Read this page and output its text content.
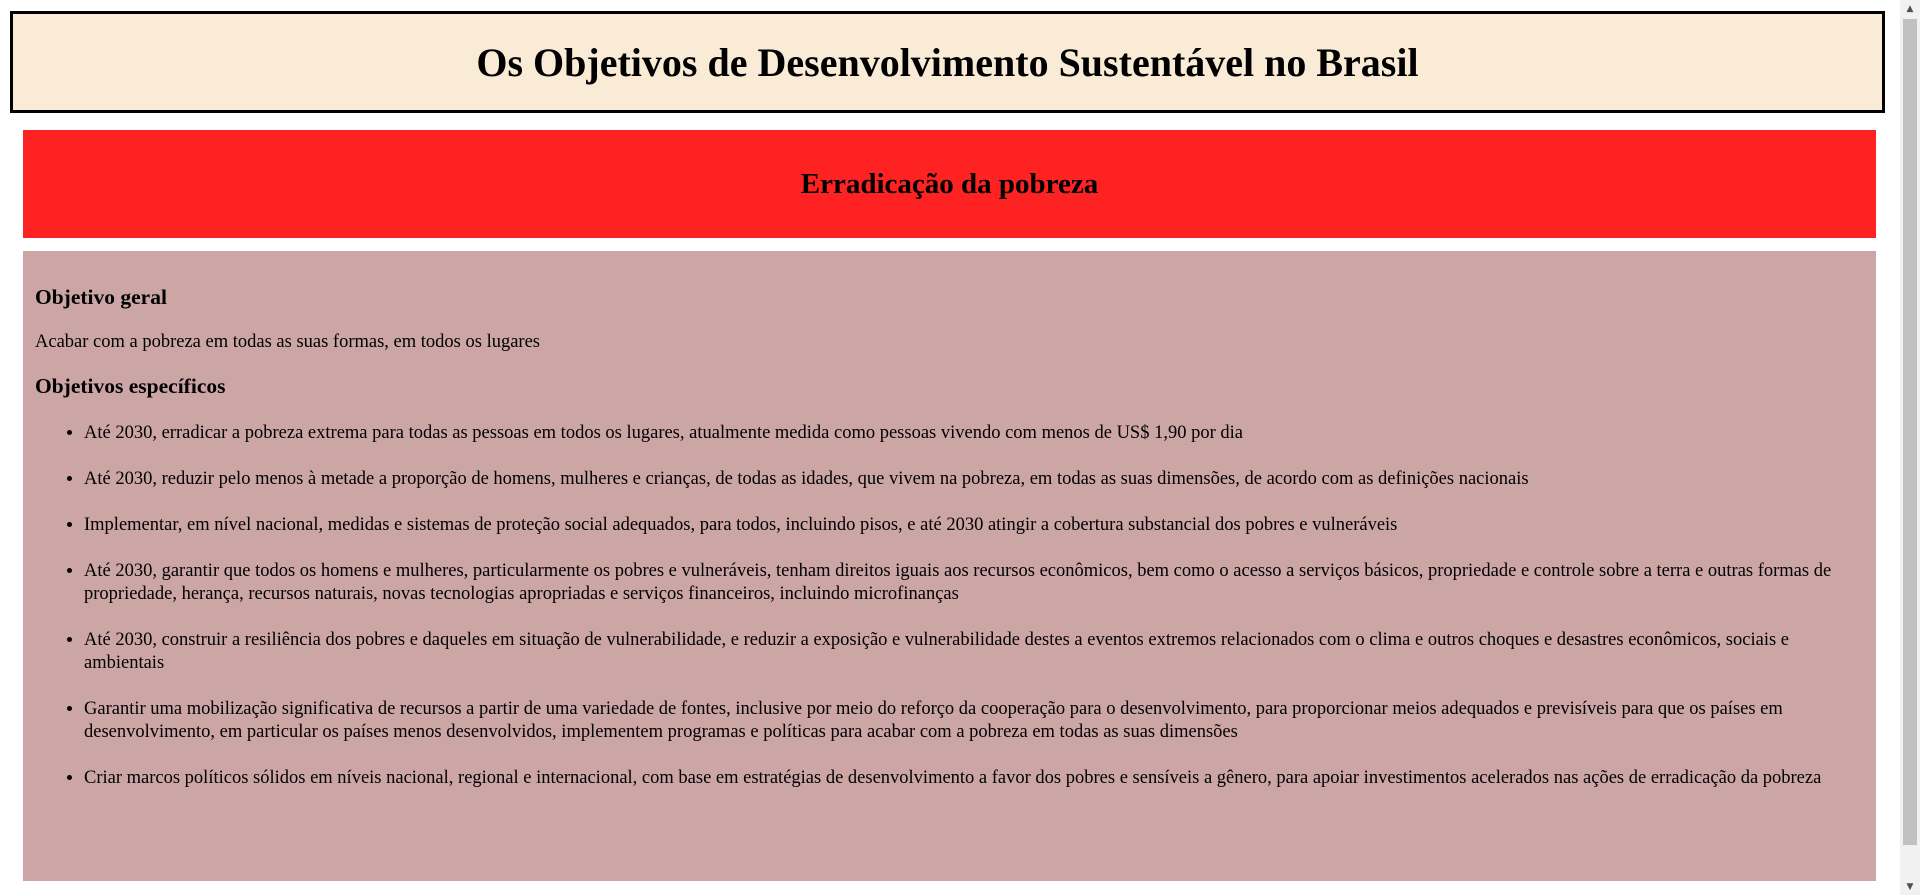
Os Objetivos de Desenvolvimento Sustentável no Brasil
Erradicação da pobreza
Objetivo geral

Acabar com a pobreza em todas as suas formas, em todos os lugares

Objetivos específicos
• Até 2030, erradicar a pobreza extrema para todas as pessoas em todos os lugares, atualmente medida como pessoas vivendo com menos de US$ 1,90 por dia
• Até 2030, reduzir pelo menos à metade a proporção de homens, mulheres e crianças, de todas as idades, que vivem na pobreza, em todas as suas dimensões, de acordo com as definições nacionais
• Implementar, em nível nacional, medidas e sistemas de proteção social adequados, para todos, incluindo pisos, e até 2030 atingir a cobertura substancial dos pobres e vulneráveis
• Até 2030, garantir que todos os homens e mulheres, particularmente os pobres e vulneráveis, tenham direitos iguais aos recursos econômicos, bem como o acesso a serviços básicos, propriedade e controle sobre a terra e outras formas de propriedade, herança, recursos naturais, novas tecnologias apropriadas e serviços financeiros, incluindo microfinanças
• Até 2030, construir a resiliência dos pobres e daqueles em situação de vulnerabilidade, e reduzir a exposição e vulnerabilidade destes a eventos extremos relacionados com o clima e outros choques e desastres econômicos, sociais e ambientais
• Garantir uma mobilização significativa de recursos a partir de uma variedade de fontes, inclusive por meio do reforço da cooperação para o desenvolvimento, para proporcionar meios adequados e previsíveis para que os países em desenvolvimento, em particular os países menos desenvolvidos, implementem programas e políticas para acabar com a pobreza em todas as suas dimensões
• Criar marcos políticos sólidos em níveis nacional, regional e internacional, com base em estratégias de desenvolvimento a favor dos pobres e sensíveis a gênero, para apoiar investimentos acelerados nas ações de erradicação da pobreza
▲
▼
